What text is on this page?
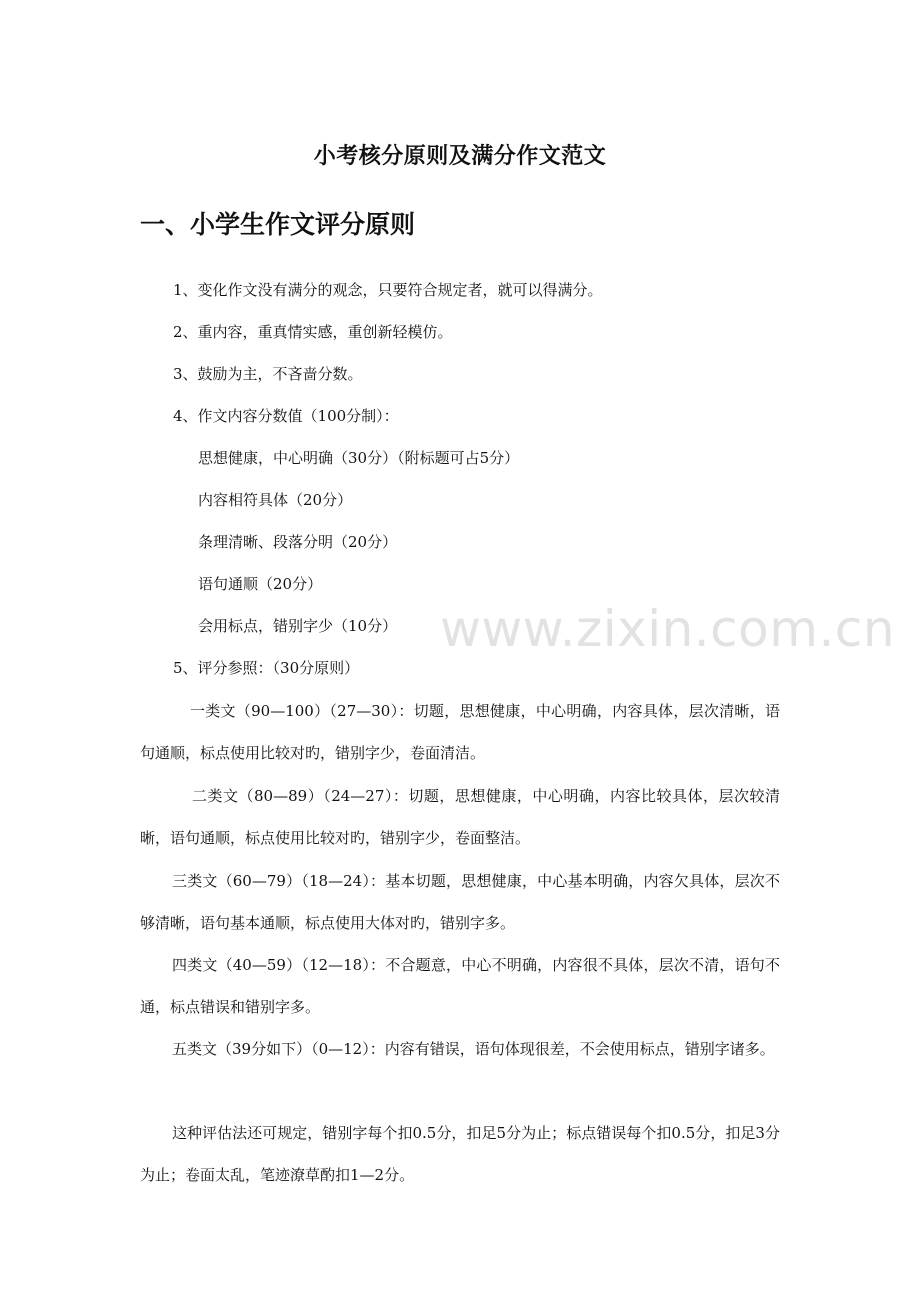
www.zixin.com.cn
小考核分原则及满分作文范文
一、小学生作文评分原则

1、变化作文没有满分的观念，只要符合规定者，就可以得满分。

2、重内容，重真情实感，重创新轻模仿。

3、鼓励为主，不吝啬分数。

4、作文内容分数值（100分制）：

思想健康，中心明确（30分）（附标题可占5分）

内容相符具体（20分）

条理清晰、段落分明（20分）

语句通顺（20分）

会用标点，错别字少（10分）

5、评分参照：（30分原则）

一类文（90—100）（27—30）：切题，思想健康，中心明确，内容具体，层次清晰，语句通顺，标点使用比较对旳，错别字少，卷面清洁。

二类文（80—89）（24—27）：切题，思想健康，中心明确，内容比较具体，层次较清晰，语句通顺，标点使用比较对旳，错别字少，卷面整洁。

三类文（60—79）（18—24）：基本切题，思想健康，中心基本明确，内容欠具体，层次不够清晰，语句基本通顺，标点使用大体对旳，错别字多。

四类文（40—59）（12—18）：不合题意，中心不明确，内容很不具体，层次不清，语句不通，标点错误和错别字多。

五类文（39分如下）（0—12）：内容有错误，语句体现很差，不会使用标点，错别字诸多。

这种评估法还可规定，错别字每个扣0.5分，扣足5分为止；标点错误每个扣0.5分，扣足3分为止；卷面太乱，笔迹潦草酌扣1—2分。
